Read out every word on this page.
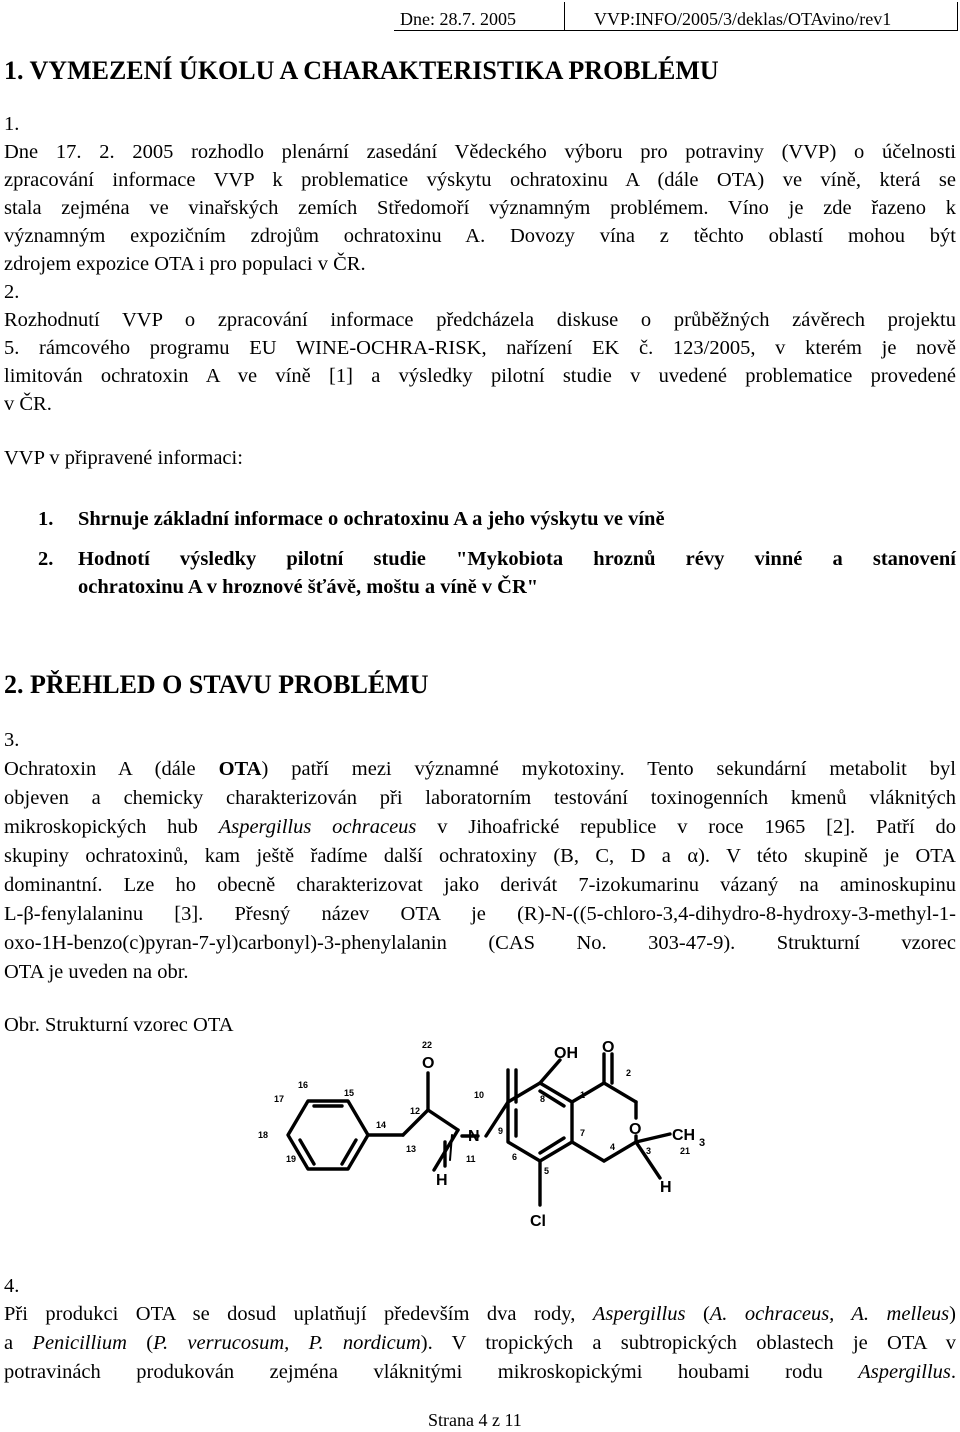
Dne: 28.7. 2005	VVP:INFO/2005/3/deklas/OTAvino/rev1
1. VYMEZENÍ ÚKOLU A CHARAKTERISTIKA PROBLÉMU
1.
Dne 17. 2. 2005 rozhodlo plenární zasedání Vědeckého výboru pro potraviny (VVP) o účelnosti
zpracování informace VVP k problematice výskytu ochratoxinu A (dále OTA) ve víně, která se
stala zejména ve vinařských zemích Středomoří významným problémem. Víno je zde řazeno k
významným expozičním zdrojům ochratoxinu A. Dovozy vína z těchto oblastí mohou být
zdrojem expozice OTA i pro populaci v ČR.
2.
Rozhodnutí VVP o zpracování informace předcházela diskuse o průběžných závěrech projektu
5. rámcového programu EU WINE-OCHRA-RISK, nařízení EK č. 123/2005, v kterém je nově
limitován ochratoxin A ve víně [1] a výsledky pilotní studie v uvedené problematice provedené
v ČR.
VVP v připravené informaci:
1. Shrnuje základní informace o ochratoxinu A a jeho výskytu ve víně
2. Hodnotí výsledky pilotní studie "Mykobiota hroznů révy vinné a stanovení
ochratoxinu A v hroznové šťávě, moštu a víně v ČR"
2. PŘEHLED O STAVU PROBLÉMU
3.
Ochratoxin A (dále OTA) patří mezi významné mykotoxiny. Tento sekundární metabolit byl
objeven a chemicky charakterizován při laboratorním testování toxinogenních kmenů vláknitých
mikroskopických hub Aspergillus ochraceus v Jihoafrické republice v roce 1965 [2]. Patří do
skupiny ochratoxinů, kam ještě řadíme další ochratoxiny (B, C, D a α). V této skupině je OTA
dominantní. Lze ho obecně charakterizovat jako derivát 7-izokumarinu vázaný na aminoskupinu
L-β-fenylalaninu [3]. Přesný název OTA je (R)-N-((5-chloro-3,4-dihydro-8-hydroxy-3-methyl-1-
oxo-1H-benzo(c)pyran-7-yl)carbonyl)-3-phenylalanin (CAS No. 303-47-9). Strukturní vzorec
OTA je uveden na obr.
Obr. Strukturní vzorec OTA
O
N
H
OH O
O CH 3
H
Cl
22
18
15
14
12
13
10
9
8	1
4	3
7
5
6
19
16
17
11
2
21
4.
Při produkci OTA se dosud uplatňují především dva rody, Aspergillus (A. ochraceus, A. melleus)
a Penicillium (P. verrucosum, P. nordicum). V tropických a subtropických oblastech je OTA v
potravinách produkován zejména vláknitými mikroskopickými houbami rodu Aspergillus.
Strana 4 z 11
